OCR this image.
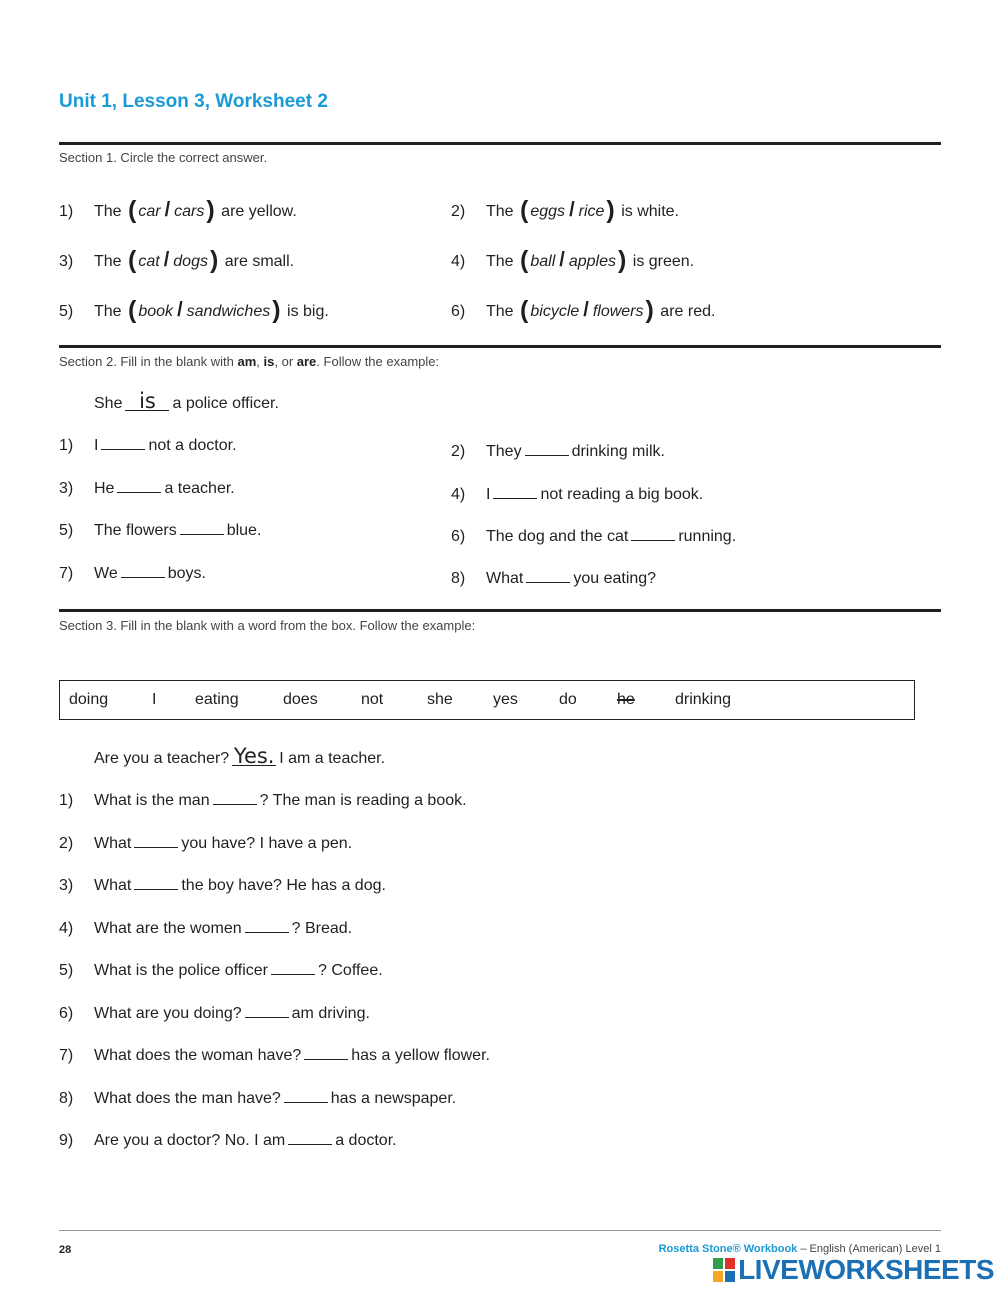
Unit 1, Lesson 3, Worksheet 2
Section 1. Circle the correct answer.
1) The ( car / cars) are yellow.	2) The ( eggs / rice) is white.
3) The ( cat / dogs) are small.	4) The ( ball / apples) is green.
5) The ( book / sandwiches) is big.	6) The ( bicycle / flowers) are red.
Section 2. Fill in the blank with am, is, or are. Follow the example:
She is a police officer.
1) I	not a doctor.	2) They	drinking milk.
3) He	a teacher.	4) I	not reading a big book.
5) The flowers	blue.	6) The dog and the cat	running.
7) We	boys.	8) What	you eating?
Section 3. Fill in the blank with a word from the box. Follow the example:
doing	I eating	does	not	she	yes	do	he	drinking
Are you a teacher? Yes. I am a teacher.
1) What is the man	? The man is reading a book.
2) What	you have? I have a pen.
3) What	the boy have? He has a dog.
4) What are the women	? Bread.
5) What is the police officer	? Coffee.
6) What are you doing?	am driving.
7) What does the woman have?	has a yellow flower.
8) What does the man have?	has a newspaper.
9) Are you a doctor? No. I am	a doctor.
28	Rosetta Stone® Workbook – English (American) Level 1
LIVEWORKSHEETS
